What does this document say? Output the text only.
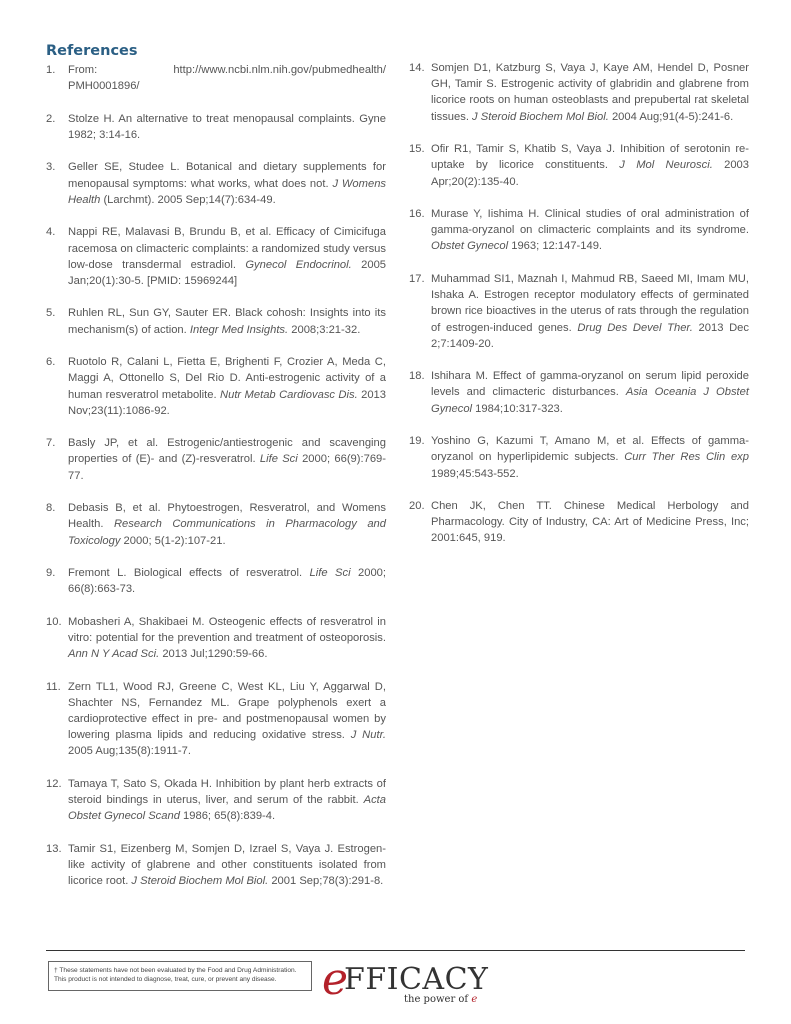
References
1.	From: http://www.ncbi.nlm.nih.gov/pubmedhealth/ PMH0001896/
2.	Stolze H. An alternative to treat menopausal complaints. Gyne 1982; 3:14-16.
3.	Geller SE, Studee L. Botanical and dietary supplements for menopausal symptoms: what works, what does not. J Womens Health (Larchmt). 2005 Sep;14(7):634-49.
4.	Nappi RE, Malavasi B, Brundu B, et al. Efficacy of Cimicifuga racemosa on climacteric complaints: a randomized study versus low-dose transdermal estradiol. Gynecol Endocrinol. 2005 Jan;20(1):30-5. [PMID: 15969244]
5.	Ruhlen RL, Sun GY, Sauter ER. Black cohosh: Insights into its mechanism(s) of action. Integr Med Insights. 2008;3:21-32.
6.	Ruotolo R, Calani L, Fietta E, Brighenti F, Crozier A, Meda C, Maggi A, Ottonello S, Del Rio D. Anti-estrogenic activity of a human resveratrol metabolite. Nutr Metab Cardiovasc Dis. 2013 Nov;23(11):1086-92.
7.	Basly JP, et al. Estrogenic/antiestrogenic and scavenging properties of (E)- and (Z)-resveratrol. Life Sci 2000; 66(9):769-77.
8.	Debasis B, et al. Phytoestrogen, Resveratrol, and Womens Health. Research Communications in Pharmacology and Toxicology 2000; 5(1-2):107-21.
9.	Fremont L. Biological effects of resveratrol. Life Sci 2000; 66(8):663-73.
10. Mobasheri A, Shakibaei M. Osteogenic effects of resveratrol in vitro: potential for the prevention and treatment of osteoporosis. Ann N Y Acad Sci. 2013 Jul;1290:59-66.
11. Zern TL1, Wood RJ, Greene C, West KL, Liu Y, Aggarwal D, Shachter NS, Fernandez ML. Grape polyphenols exert a cardioprotective effect in pre- and postmenopausal women by lowering plasma lipids and reducing oxidative stress. J Nutr. 2005 Aug;135(8):1911-7.
12. Tamaya T, Sato S, Okada H. Inhibition by plant herb extracts of steroid bindings in uterus, liver, and serum of the rabbit. Acta Obstet Gynecol Scand 1986; 65(8):839-4.
13. Tamir S1, Eizenberg M, Somjen D, Izrael S, Vaya J. Estrogen-like activity of glabrene and other constituents isolated from licorice root. J Steroid Biochem Mol Biol. 2001 Sep;78(3):291-8.
14. Somjen D1, Katzburg S, Vaya J, Kaye AM, Hendel D, Posner GH, Tamir S. Estrogenic activity of glabridin and glabrene from licorice roots on human osteoblasts and prepubertal rat skeletal tissues. J Steroid Biochem Mol Biol. 2004 Aug;91(4-5):241-6.
15. Ofir R1, Tamir S, Khatib S, Vaya J. Inhibition of serotonin re-uptake by licorice constituents. J Mol Neurosci. 2003 Apr;20(2):135-40.
16. Murase Y, Iishima H. Clinical studies of oral administration of gamma-oryzanol on climacteric complaints and its syndrome. Obstet Gynecol 1963; 12:147-149.
17. Muhammad SI1, Maznah I, Mahmud RB, Saeed MI, Imam MU, Ishaka A. Estrogen receptor modulatory effects of germinated brown rice bioactives in the uterus of rats through the regulation of estrogen-induced genes. Drug Des Devel Ther. 2013 Dec 2;7:1409-20.
18. Ishihara M. Effect of gamma-oryzanol on serum lipid peroxide levels and climacteric disturbances. Asia Oceania J Obstet Gynecol 1984;10:317-323.
19. Yoshino G, Kazumi T, Amano M, et al. Effects of gamma-oryzanol on hyperlipidemic subjects. Curr Ther Res Clin exp 1989;45:543-552.
20. Chen JK, Chen TT. Chinese Medical Herbology and Pharmacology. City of Industry, CA: Art of Medicine Press, Inc; 2001:645, 919.
† These statements have not been evaluated by the Food and Drug Administration. This product is not intended to diagnose, treat, cure, or prevent any disease.	e
FFICACY
the power of e
